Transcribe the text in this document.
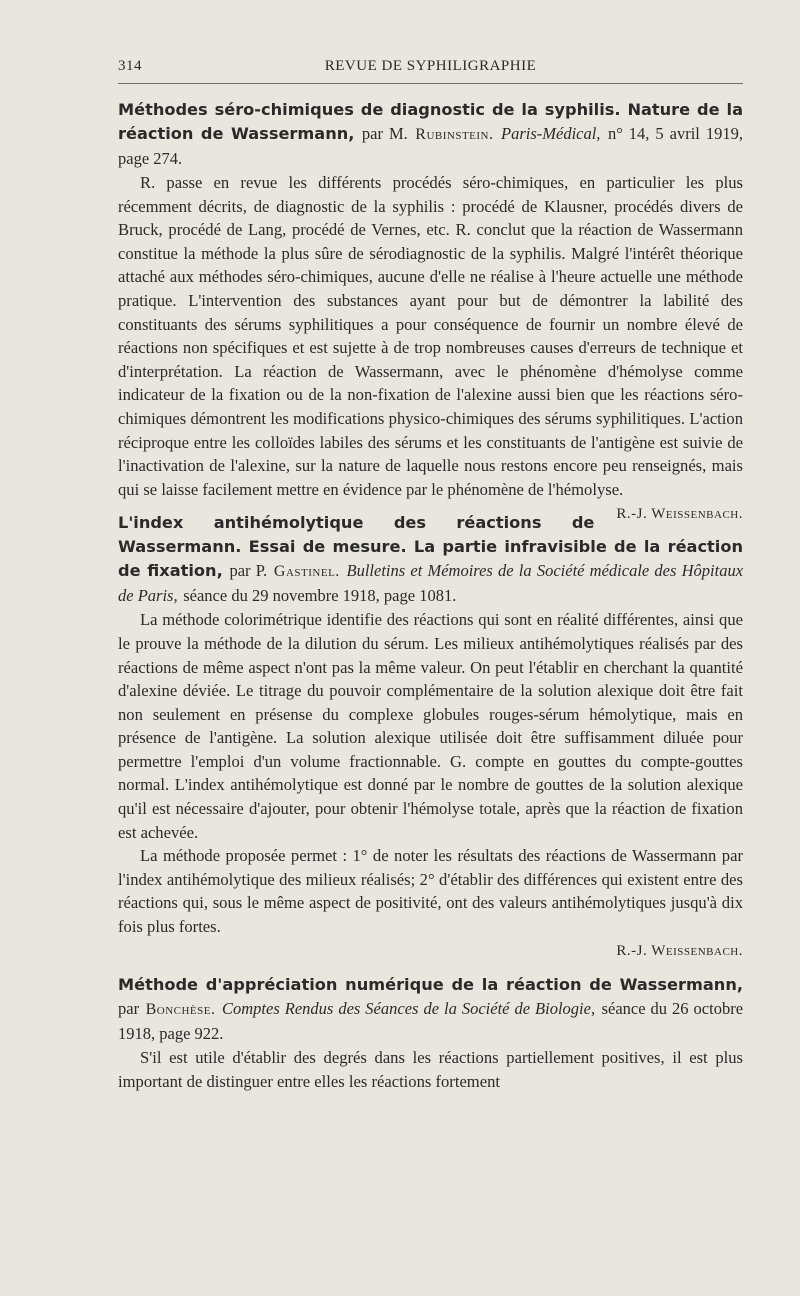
314	REVUE DE SYPHILIGRAPHIE
Méthodes séro-chimiques de diagnostic de la syphilis. Nature de la réaction de Wassermann, par M. Rubinstein. Paris-Médical, n° 14, 5 avril 1919, page 274.

R. passe en revue les différents procédés séro-chimiques, en particulier les plus récemment décrits, de diagnostic de la syphilis : procédé de Klausner, procédés divers de Bruck, procédé de Lang, procédé de Vernes, etc. R. conclut que la réaction de Wassermann constitue la méthode la plus sûre de sérodiagnostic de la syphilis. Malgré l'intérêt théorique attaché aux méthodes séro-chimiques, aucune d'elle ne réalise à l'heure actuelle une méthode pratique. L'intervention des substances ayant pour but de démontrer la labilité des constituants des sérums syphilitiques a pour conséquence de fournir un nombre élevé de réactions non spécifiques et est sujette à de trop nombreuses causes d'erreurs de technique et d'interprétation. La réaction de Wassermann, avec le phénomène d'hémolyse comme indicateur de la fixation ou de la non-fixation de l'alexine aussi bien que les réactions séro-chimiques démontrent les modifications physico-chimiques des sérums syphilitiques. L'action réciproque entre les colloïdes labiles des sérums et les constituants de l'antigène est suivie de l'inactivation de l'alexine, sur la nature de laquelle nous restons encore peu renseignés, mais qui se laisse facilement mettre en évidence par le phénomène de l'hémolyse.
R.-J. Weissenbach.

L'index antihémolytique des réactions de Wassermann. Essai de mesure. La partie infravisible de la réaction de fixation, par P. Gastinel. Bulletins et Mémoires de la Société médicale des Hôpitaux de Paris, séance du 29 novembre 1918, page 1081.

La méthode colorimétrique identifie des réactions qui sont en réalité différentes, ainsi que le prouve la méthode de la dilution du sérum. Les milieux antihémolytiques réalisés par des réactions de même aspect n'ont pas la même valeur. On peut l'établir en cherchant la quantité d'alexine déviée. Le titrage du pouvoir complémentaire de la solution alexique doit être fait non seulement en présense du complexe globules rouges-sérum hémolytique, mais en présence de l'antigène. La solution alexique utilisée doit être suffisamment diluée pour permettre l'emploi d'un volume fractionnable. G. compte en gouttes du compte-gouttes normal. L'index antihémolytique est donné par le nombre de gouttes de la solution alexique qu'il est nécessaire d'ajouter, pour obtenir l'hémolyse totale, après que la réaction de fixation est achevée.

La méthode proposée permet : 1° de noter les résultats des réactions de Wassermann par l'index antihémolytique des milieux réalisés; 2° d'établir des différences qui existent entre des réactions qui, sous le même aspect de positivité, ont des valeurs antihémolytiques jusqu'à dix fois plus fortes.

R.-J. Weissenbach.
Méthode d'appréciation numérique de la réaction de Wassermann, par Bonchèse. Comptes Rendus des Séances de la Société de Biologie, séance du 26 octobre 1918, page 922.

S'il est utile d'établir des degrés dans les réactions partiellement positives, il est plus important de distinguer entre elles les réactions fortement
